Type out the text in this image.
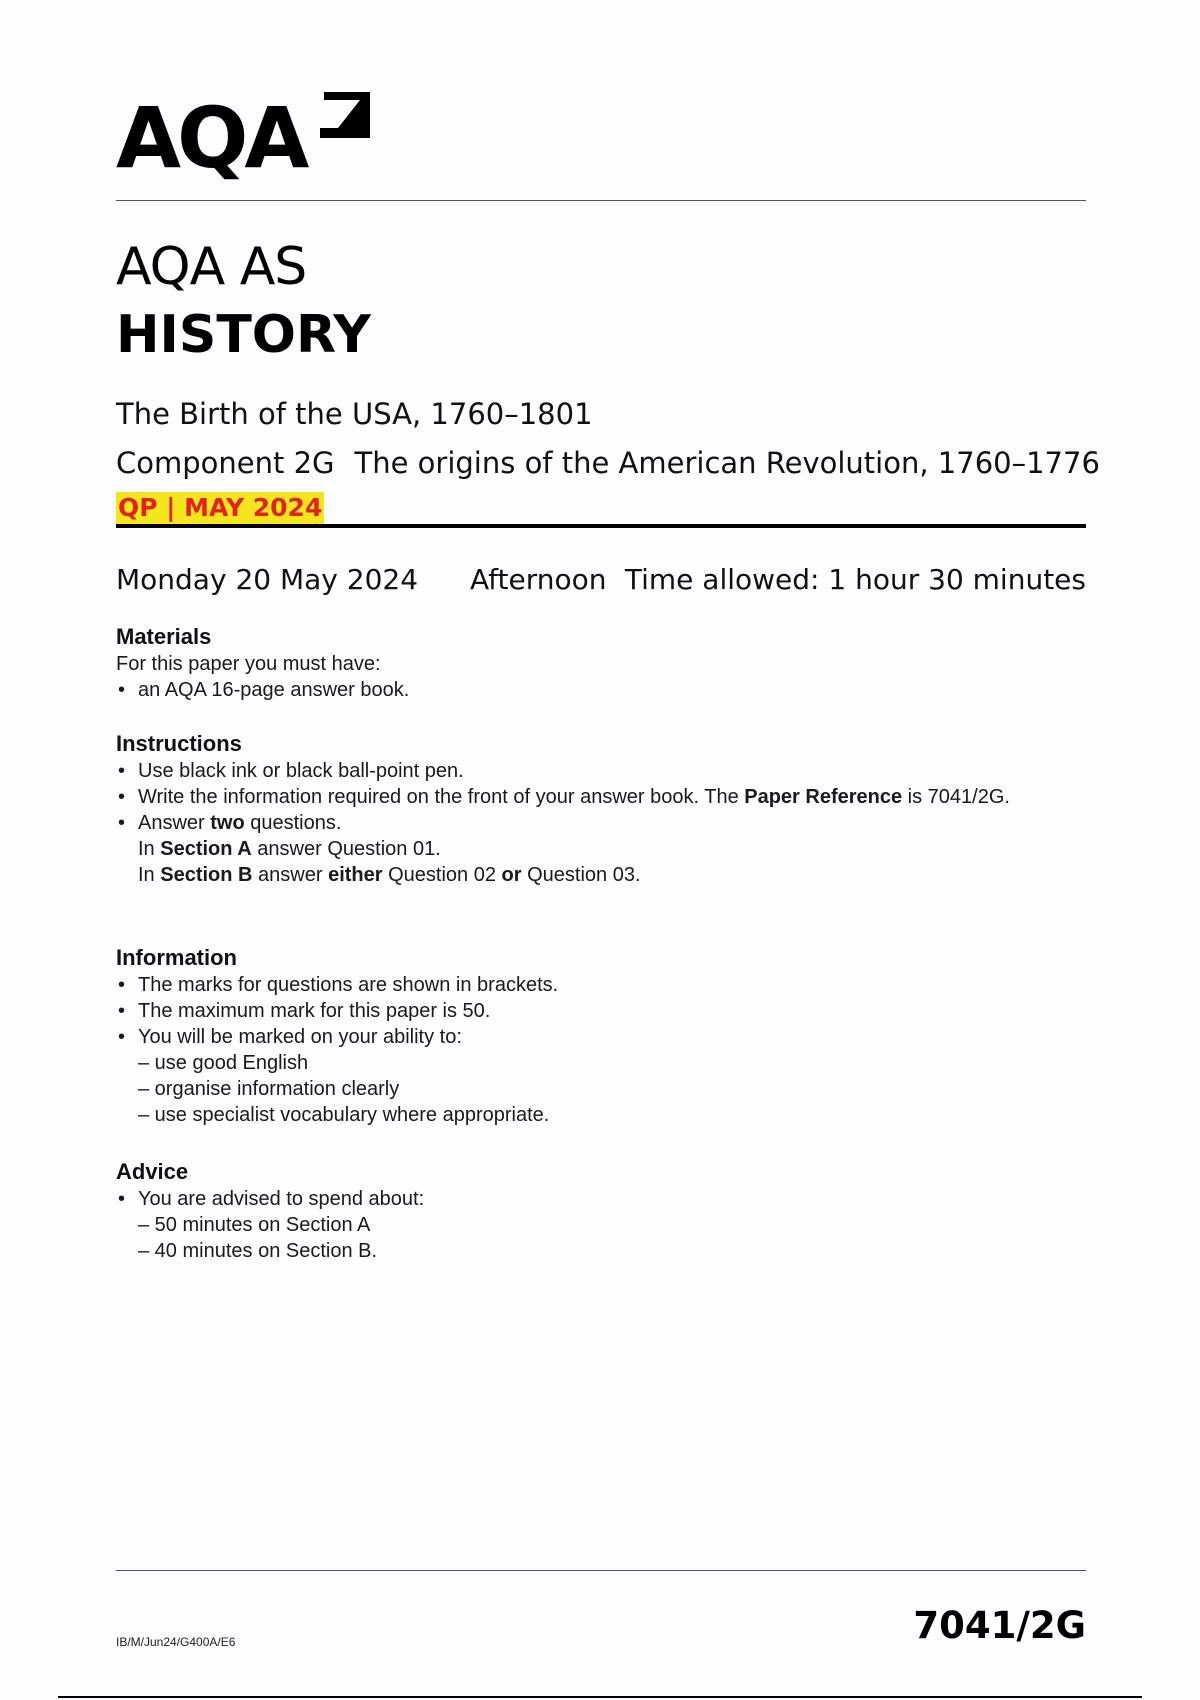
AQA
AQA AS
HISTORY
The Birth of the USA, 1760–1801
Component 2G The origins of the American Revolution, 1760–1776
QP | MAY 2024
Monday 20 May 2024 Afternoon Time allowed: 1 hour 30 minutes
Materials

For this paper you must have:

• an AQA 16-page answer book.
Instructions
• Use black ink or black ball-point pen.
• Write the information required on the front of your answer book. The Paper Reference is 7041/2G.
• Answer two questions.
In Section A answer Question 01.
In Section B answer either Question 02 or Question 03.
Information
• The marks for questions are shown in brackets.
• The maximum mark for this paper is 50.
• You will be marked on your ability to:
– use good English
– organise information clearly
– use specialist vocabulary where appropriate.
Advice
• You are advised to spend about:
– 50 minutes on Section A
– 40 minutes on Section B.
IB/M/Jun24/G400A/E6	7041/2G
